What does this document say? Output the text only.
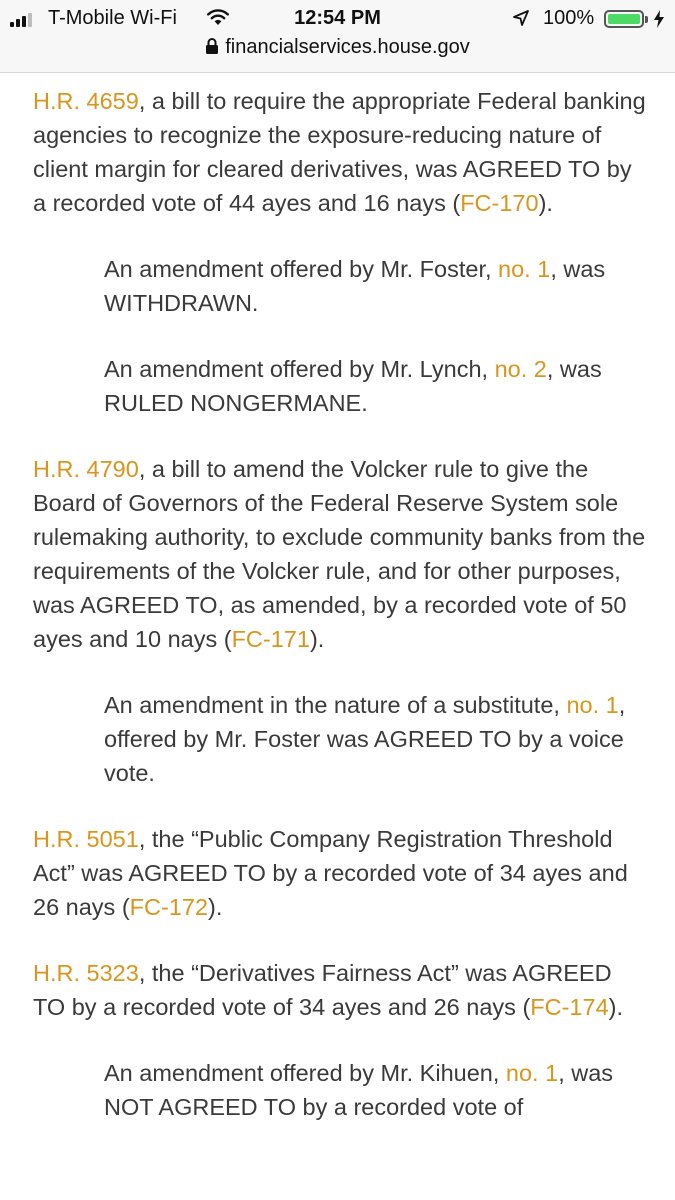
T-Mobile Wi-Fi	12:54 PM	100%
financialservices.house.gov

H.R. 4659, a bill to require the appropriate Federal banking agencies to recognize the exposure-reducing nature of client margin for cleared derivatives, was AGREED TO by a recorded vote of 44 ayes and 16 nays (FC-170).

An amendment offered by Mr. Foster, no. 1, was WITHDRAWN.

An amendment offered by Mr. Lynch, no. 2, was RULED NONGERMANE.

H.R. 4790, a bill to amend the Volcker rule to give the Board of Governors of the Federal Reserve System sole rulemaking authority, to exclude community banks from the requirements of the Volcker rule, and for other purposes, was AGREED TO, as amended, by a recorded vote of 50 ayes and 10 nays (FC-171).

An amendment in the nature of a substitute, no. 1, offered by Mr. Foster was AGREED TO by a voice vote.

H.R. 5051, the “Public Company Registration Threshold Act” was AGREED TO by a recorded vote of 34 ayes and 26 nays (FC-172).

H.R. 5323, the “Derivatives Fairness Act” was AGREED TO by a recorded vote of 34 ayes and 26 nays (FC-174).

An amendment offered by Mr. Kihuen, no. 1, was NOT AGREED TO by a recorded vote of
